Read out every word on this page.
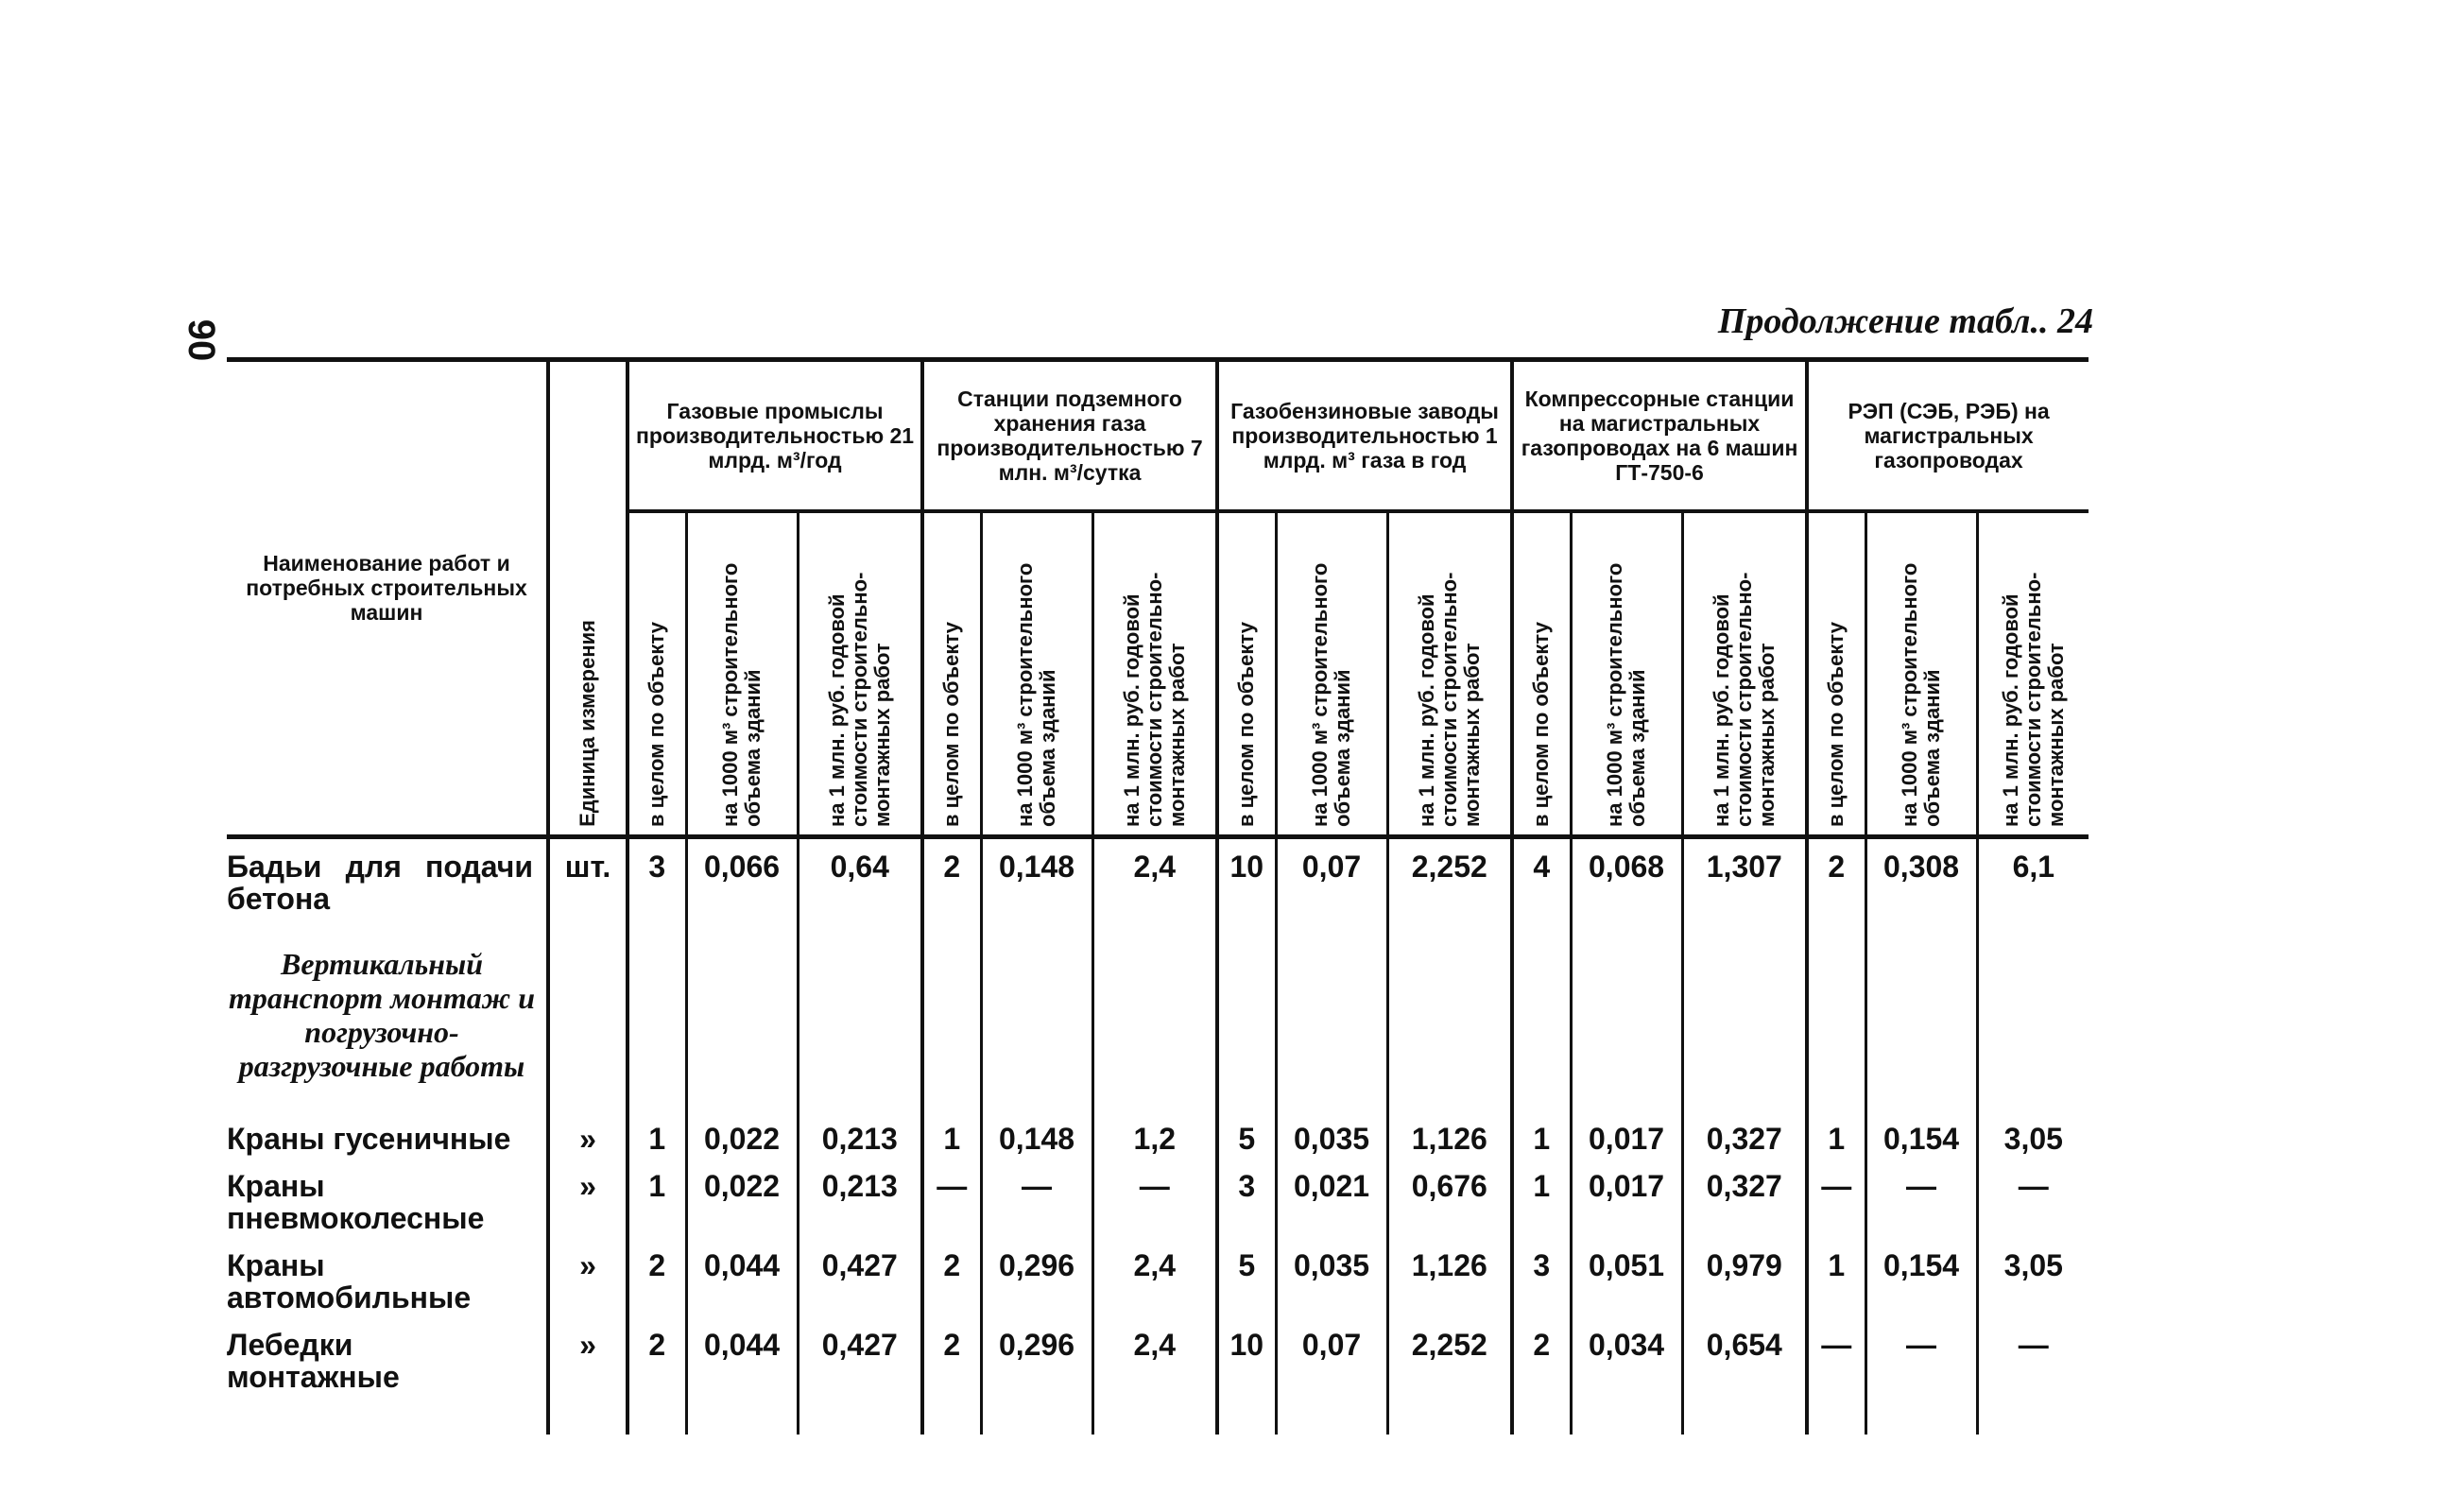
90	Продолжение табл.. 24
Наименование работ и потребных строительных машин	Единица измерения	Газовые промыслы производительностью 21 млрд. м³/год			Станции подземного хранения газа производительностью 7 млн. м³/сутка			Газобензиновые заводы производительностью 1 млрд. м³ газа в год			Компрессорные станции на магистральных газопроводах на 6 машин ГТ-750-6			РЭП (СЭБ, РЭБ) на магистральных газопроводах		

		в целом по объекту	на 1000 м³ строительного объема зданий	на 1 млн. руб. годовой стоимости строительно-монтажных работ	в целом по объекту	на 1000 м³ строительного объема зданий	на 1 млн. руб. годовой стоимости строительно-монтажных работ	в целом по объекту	на 1000 м³ строительного объема зданий	на 1 млн. руб. годовой стоимости строительно-монтажных работ	в целом по объекту	на 1000 м³ строительного объема зданий	на 1 млн. руб. годовой стоимости строительно-монтажных работ	в целом по объекту	на 1000 м³ строительного объема зданий	на 1 млн. руб. годовой стоимости строительно-монтажных работ

Бадьи для подачи бетона	шт.	3	0,066	0,64	2	0,148	2,4	10	0,07	2,252	4	0,068	1,307	2	0,308	6,1
Вертикальный транспорт монтаж и погрузочно-разгрузочные работы																
Краны гусеничные	»	1	0,022	0,213	1	0,148	1,2	5	0,035	1,126	1	0,017	0,327	1	0,154	3,05
Краны пневмоколесные	»	1	0,022	0,213	—	—	—	3	0,021	0,676	1	0,017	0,327	—	—	—
Краны автомобильные	»	2	0,044	0,427	2	0,296	2,4	5	0,035	1,126	3	0,051	0,979	1	0,154	3,05
Лебедки монтажные	»	2	0,044	0,427	2	0,296	2,4	10	0,07	2,252	2	0,034	0,654	—	—	—
